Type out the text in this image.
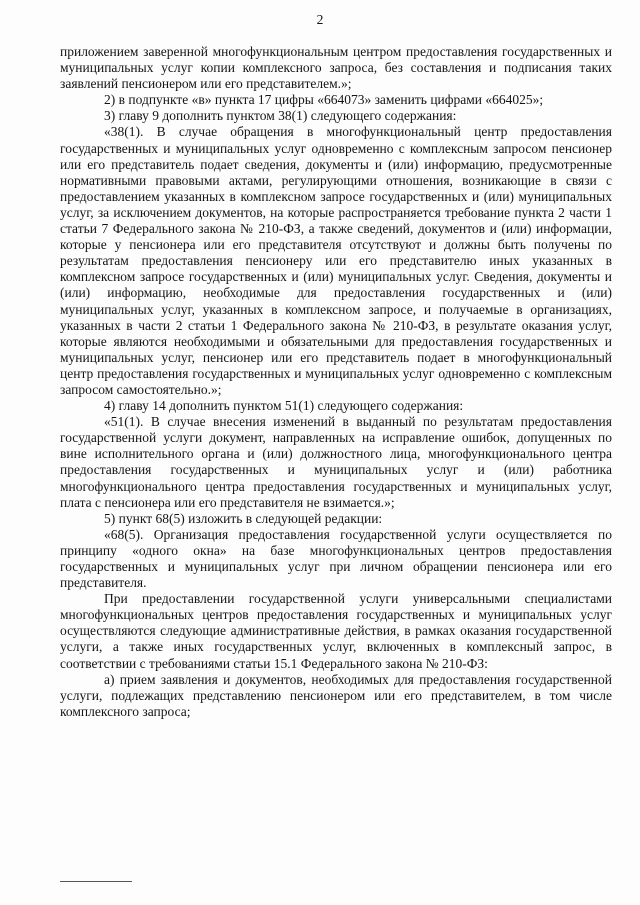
2

приложением заверенной многофункциональным центром предоставления государственных и муниципальных услуг копии комплексного запроса, без составления и подписания таких заявлений пенсионером или его представителем.»;

2) в подпункте «в» пункта 17 цифры «664073» заменить цифрами «664025»;

3) главу 9 дополнить пунктом 38(1) следующего содержания:

«38(1). В случае обращения в многофункциональный центр предоставления государственных и муниципальных услуг одновременно с комплексным запросом пенсионер или его представитель подает сведения, документы и (или) информацию, предусмотренные нормативными правовыми актами, регулирующими отношения, возникающие в связи с предоставлением указанных в комплексном запросе государственных и (или) муниципальных услуг, за исключением документов, на которые распространяется требование пункта 2 части 1 статьи 7 Федерального закона № 210-ФЗ, а также сведений, документов и (или) информации, которые у пенсионера или его представителя отсутствуют и должны быть получены по результатам предоставления пенсионеру или его представителю иных указанных в комплексном запросе государственных и (или) муниципальных услуг. Сведения, документы и (или) информацию, необходимые для предоставления государственных и (или) муниципальных услуг, указанных в комплексном запросе, и получаемые в организациях, указанных в части 2 статьи 1 Федерального закона № 210-ФЗ, в результате оказания услуг, которые являются необходимыми и обязательными для предоставления государственных и муниципальных услуг, пенсионер или его представитель подает в многофункциональный центр предоставления государственных и муниципальных услуг одновременно с комплексным запросом самостоятельно.»;

4) главу 14 дополнить пунктом 51(1) следующего содержания:

«51(1). В случае внесения изменений в выданный по результатам предоставления государственной услуги документ, направленных на исправление ошибок, допущенных по вине исполнительного органа и (или) должностного лица, многофункционального центра предоставления государственных и муниципальных услуг и (или) работника многофункционального центра предоставления государственных и муниципальных услуг, плата с пенсионера или его представителя не взимается.»;

5) пункт 68(5) изложить в следующей редакции:

«68(5). Организация предоставления государственной услуги осуществляется по принципу «одного окна» на базе многофункциональных центров предоставления государственных и муниципальных услуг при личном обращении пенсионера или его представителя.

При предоставлении государственной услуги универсальными специалистами многофункциональных центров предоставления государственных и муниципальных услуг осуществляются следующие административные действия, в рамках оказания государственной услуги, а также иных государственных услуг, включенных в комплексный запрос, в соответствии с требованиями статьи 15.1 Федерального закона № 210-ФЗ:

а) прием заявления и документов, необходимых для предоставления государственной услуги, подлежащих представлению пенсионером или его представителем, в том числе комплексного запроса;
